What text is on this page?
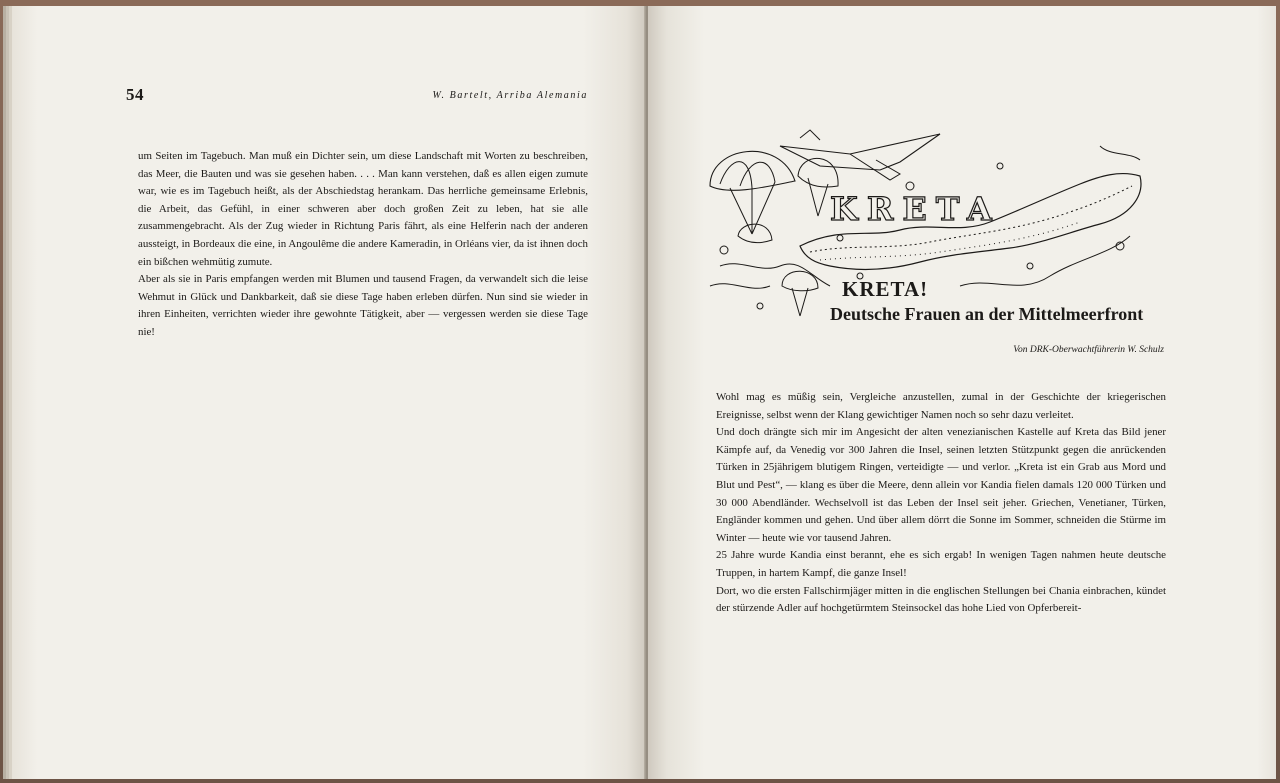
54	W. Bartelt, Arriba Alemania

um Seiten im Tagebuch. Man muß ein Dichter sein, um diese Landschaft mit Worten zu beschreiben, das Meer, die Bauten und was sie gesehen haben. . . . Man kann verstehen, daß es allen eigen zumute war, wie es im Tagebuch heißt, als der Abschiedstag herankam. Das herrliche gemeinsame Erlebnis, die Arbeit, das Gefühl, in einer schweren aber doch großen Zeit zu leben, hat sie alle zusammengebracht. Als der Zug wieder in Richtung Paris fährt, als eine Helferin nach der anderen aussteigt, in Bordeaux die eine, in Angoulême die andere Kameradin, in Orléans vier, da ist ihnen doch ein bißchen wehmütig zumute.

Aber als sie in Paris empfangen werden mit Blumen und tausend Fragen, da verwandelt sich die leise Wehmut in Glück und Dankbarkeit, daß sie diese Tage haben erleben dürfen. Nun sind sie wieder in ihren Einheiten, verrichten wieder ihre gewohnte Tätigkeit, aber — vergessen werden sie diese Tage nie!

KRETA
KRETA!
Deutsche Frauen an der Mittelmeerfront
Von DRK-Oberwachtführerin W. Schulz

Wohl mag es müßig sein, Vergleiche anzustellen, zumal in der Geschichte der kriegerischen Ereignisse, selbst wenn der Klang gewichtiger Namen noch so sehr dazu verleitet.

Und doch drängte sich mir im Angesicht der alten venezianischen Kastelle auf Kreta das Bild jener Kämpfe auf, da Venedig vor 300 Jahren die Insel, seinen letzten Stützpunkt gegen die anrückenden Türken in 25jährigem blutigem Ringen, verteidigte — und verlor. „Kreta ist ein Grab aus Mord und Blut und Pest“, — klang es über die Meere, denn allein vor Kandia fielen damals 120 000 Türken und 30 000 Abendländer. Wechselvoll ist das Leben der Insel seit jeher. Griechen, Venetianer, Türken, Engländer kommen und gehen. Und über allem dörrt die Sonne im Sommer, schneiden die Stürme im Winter — heute wie vor tausend Jahren.

25 Jahre wurde Kandia einst berannt, ehe es sich ergab! In wenigen Tagen nahmen heute deutsche Truppen, in hartem Kampf, die ganze Insel!

Dort, wo die ersten Fallschirmjäger mitten in die englischen Stellungen bei Chania einbrachen, kündet der stürzende Adler auf hochgetürmtem Steinsockel das hohe Lied von Opferbereit-
